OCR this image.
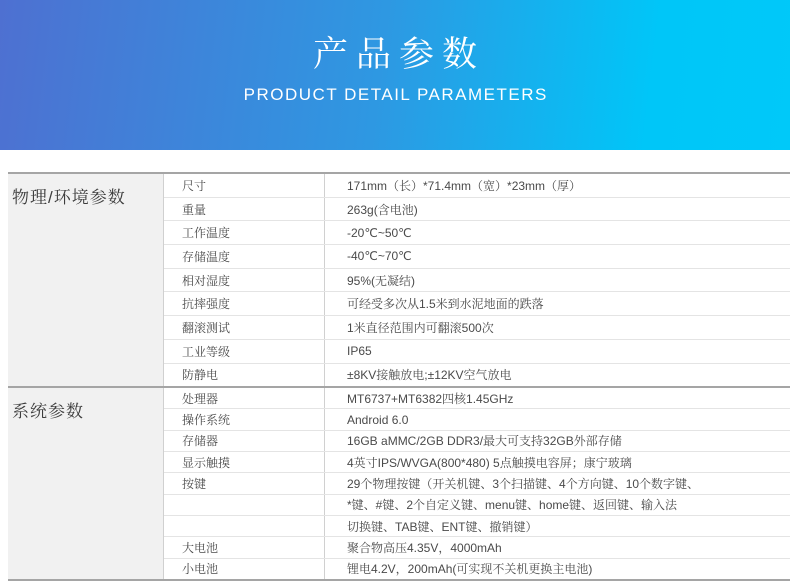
产品参数
PRODUCT DETAIL PARAMETERS
物理/环境参数
尺寸	171mm（长）*71.4mm（宽）*23mm（厚）
重量	263g(含电池)
工作温度	-20℃~50℃
存储温度	-40℃~70℃
相对湿度	95%(无凝结)
抗摔强度	可经受多次从1.5米到水泥地面的跌落
翻滚测试	1米直径范围内可翻滚500次
工业等级	IP65
防静电	±8KV接触放电;±12KV空气放电
系统参数
处理器	MT6737+MT6382四核1.45GHz
操作系统	Android 6.0
存储器	16GB aMMC/2GB DDR3/最大可支持32GB外部存储
显示触摸	4英寸IPS/WVGA(800*480) 5点触摸电容屏；康宁玻璃
按键	29个物理按键（开关机键、3个扫描键、4个方向键、10个数字键、
*键、#键、2个自定义键、menu键、home键、返回键、输入法
切换键、TAB键、ENT键、撤销键）
大电池	聚合物高压4.35V，4000mAh
小电池	锂电4.2V，200mAh(可实现不关机更换主电池)
